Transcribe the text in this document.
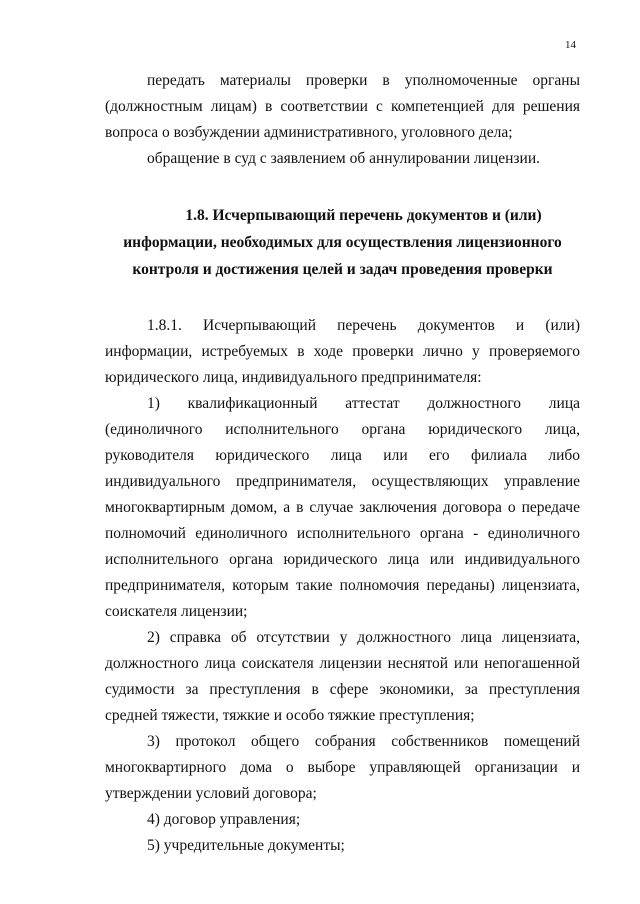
14

передать материалы проверки в уполномоченные органы (должностным лицам) в соответствии с компетенцией для решения вопроса о возбуждении административного, уголовного дела;

обращение в суд с заявлением об аннулировании лицензии.

1.8. Исчерпывающий перечень документов и (или)
информации, необходимых для осуществления лицензионного
контроля и достижения целей и задач проведения проверки

1.8.1. Исчерпывающий перечень документов и (или) информации, истребуемых в ходе проверки лично у проверяемого юридического лица, индивидуального предпринимателя:

1) квалификационный аттестат должностного лица (единоличного исполнительного органа юридического лица, руководителя юридического лица или его филиала либо индивидуального предпринимателя, осуществляющих управление многоквартирным домом, а в случае заключения договора о передаче полномочий единоличного исполнительного органа - единоличного исполнительного органа юридического лица или индивидуального предпринимателя, которым такие полномочия переданы) лицензиата, соискателя лицензии;

2) справка об отсутствии у должностного лица лицензиата, должностного лица соискателя лицензии неснятой или непогашенной судимости за преступления в сфере экономики, за преступления средней тяжести, тяжкие и особо тяжкие преступления;

3) протокол общего собрания собственников помещений многоквартирного дома о выборе управляющей организации и утверждении условий договора;

4) договор управления;

5) учредительные документы;
